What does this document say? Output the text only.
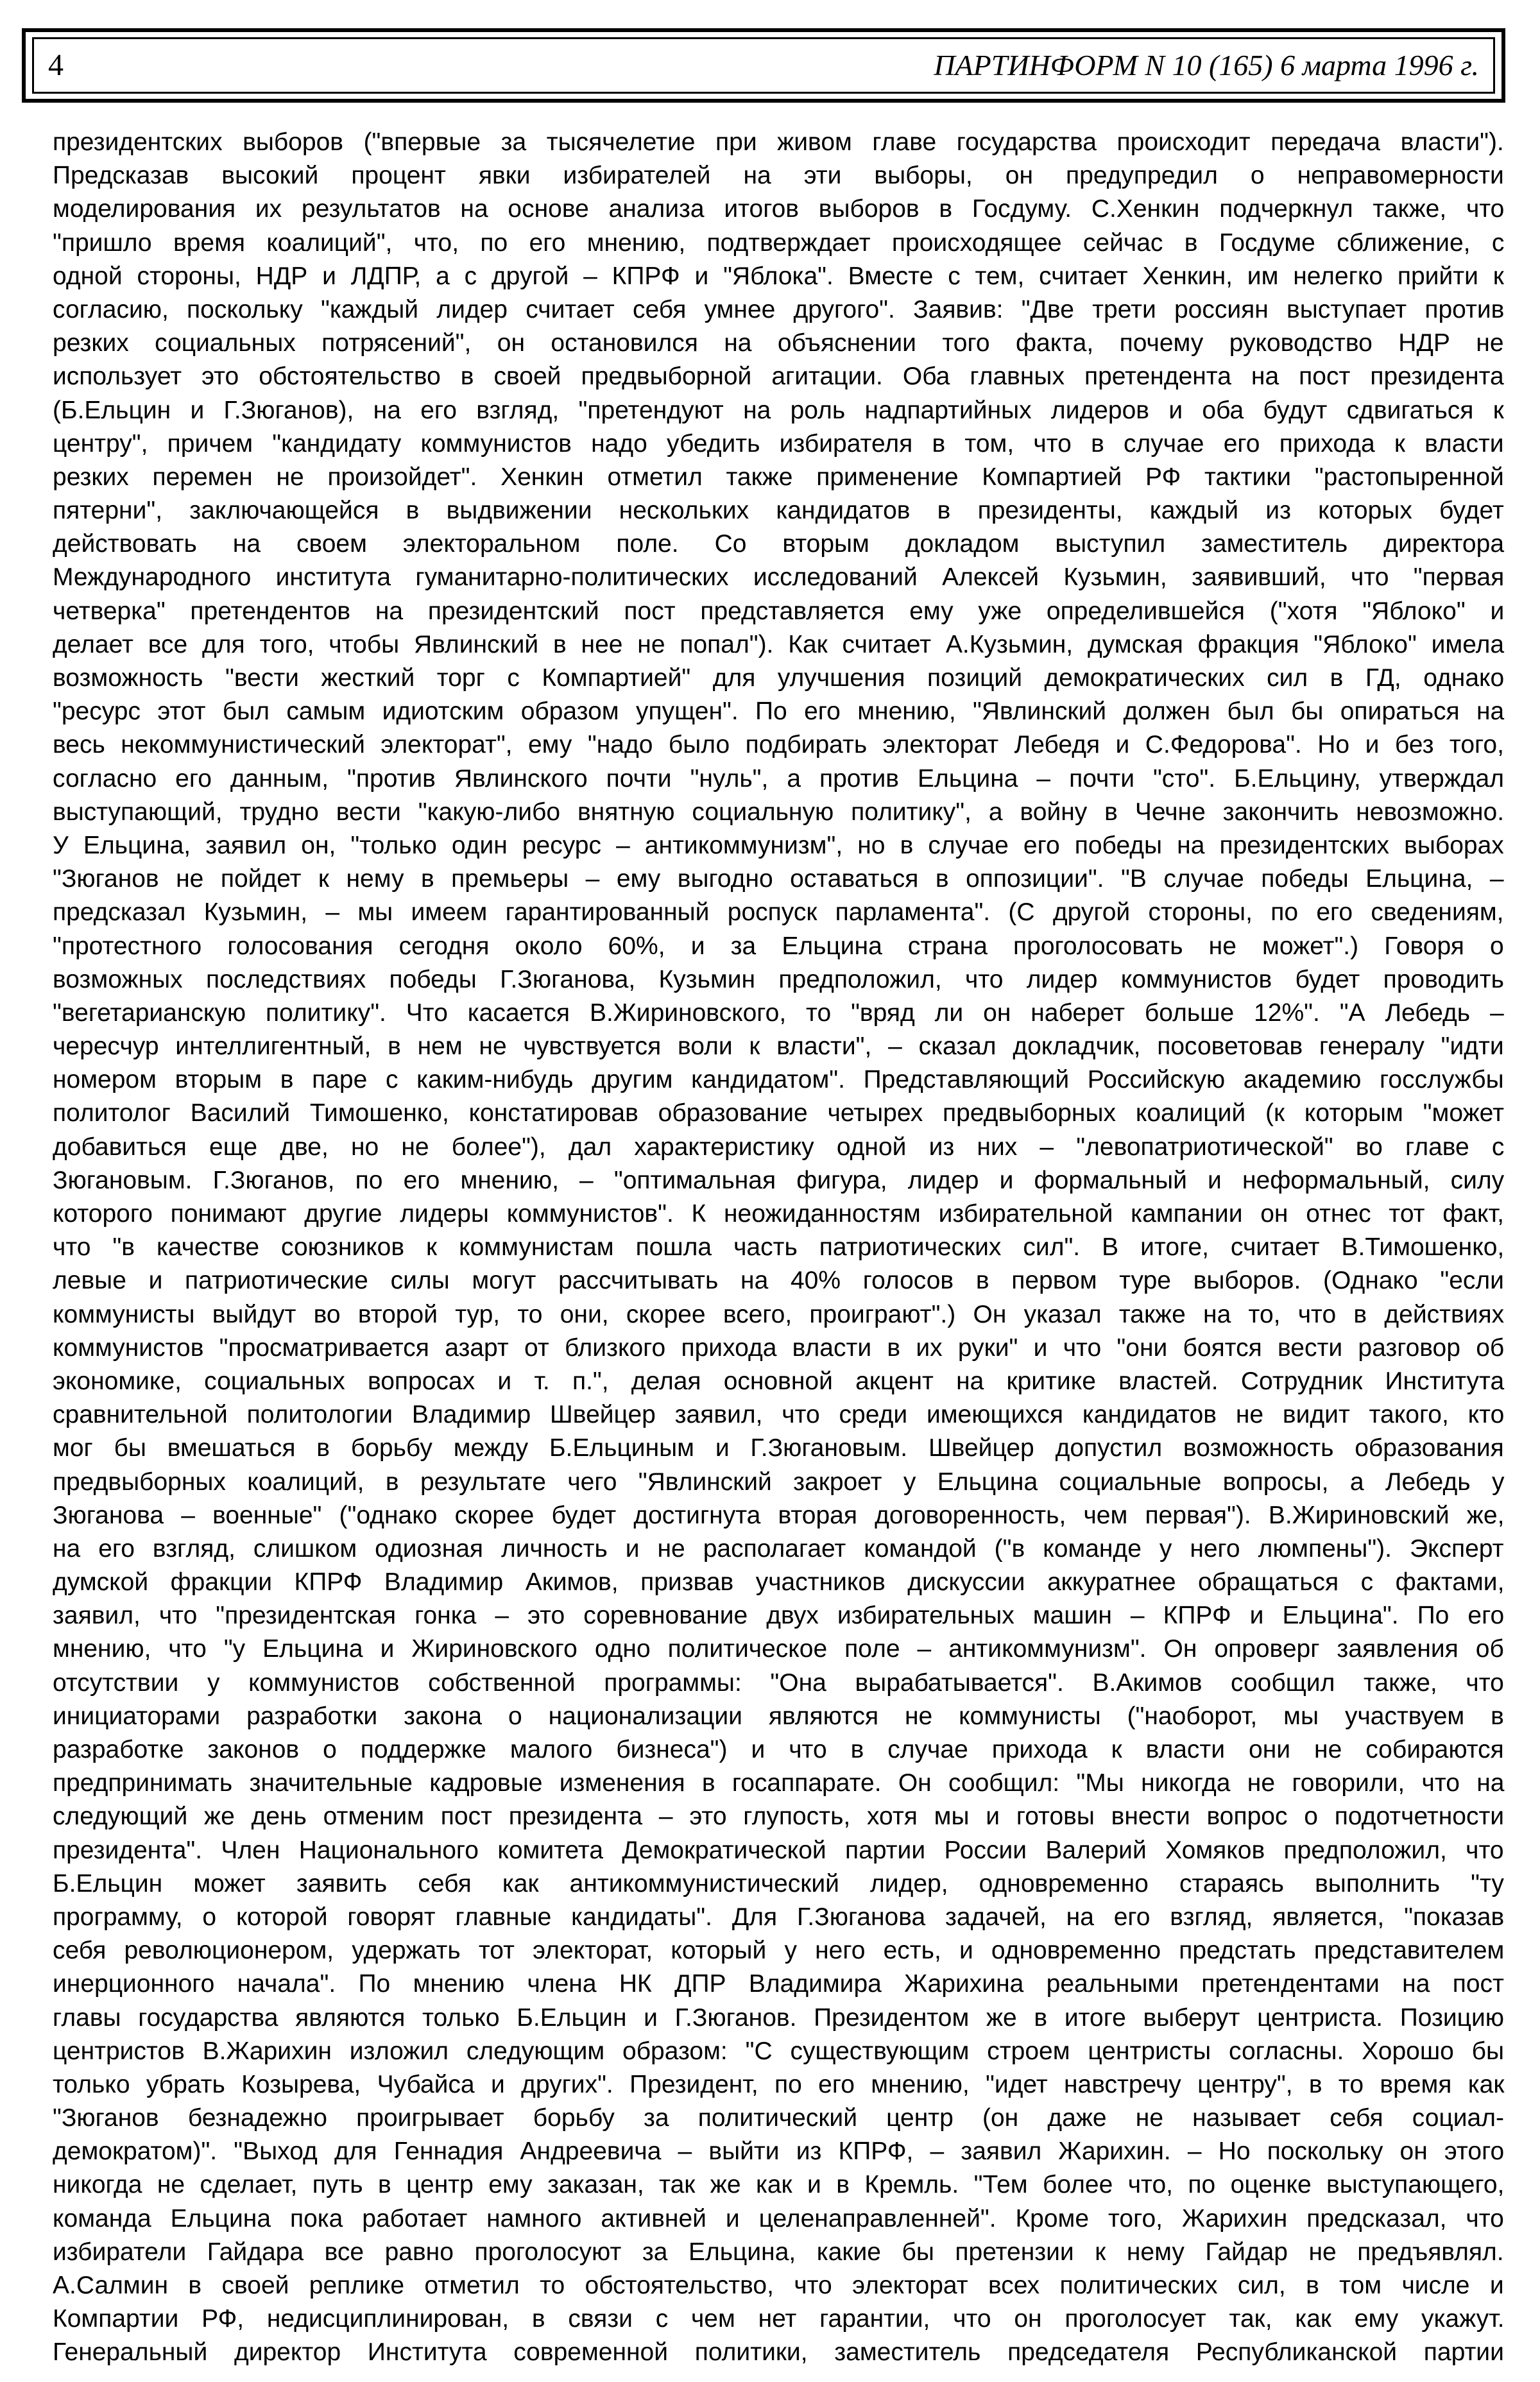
4	ПАРТИНФОРМ N 10 (165) 6 марта 1996 г.
президентских выборов ("впервые за тысячелетие при живом главе государства происходит передача власти").
Предсказав высокий процент явки избирателей на эти выборы, он предупредил о неправомерности
моделирования их результатов на основе анализа итогов выборов в Госдуму. С.Хенкин подчеркнул также, что
"пришло время коалиций", что, по его мнению, подтверждает происходящее сейчас в Госдуме сближение, с
одной стороны, НДР и ЛДПР, а с другой – КПРФ и "Яблока". Вместе с тем, считает Хенкин, им нелегко прийти к
согласию, поскольку "каждый лидер считает себя умнее другого". Заявив: "Две трети россиян выступает против
резких социальных потрясений", он остановился на объяснении того факта, почему руководство НДР не
использует это обстоятельство в своей предвыборной агитации. Оба главных претендента на пост президента
(Б.Ельцин и Г.Зюганов), на его взгляд, "претендуют на роль надпартийных лидеров и оба будут сдвигаться к
центру", причем "кандидату коммунистов надо убедить избирателя в том, что в случае его прихода к власти
резких перемен не произойдет". Хенкин отметил также применение Компартией РФ тактики "растопыренной
пятерни", заключающейся в выдвижении нескольких кандидатов в президенты, каждый из которых будет
действовать на своем электоральном поле. Со вторым докладом выступил заместитель директора
Международного института гуманитарно-политических исследований Алексей Кузьмин, заявивший, что "первая
четверка" претендентов на президентский пост представляется ему уже определившейся ("хотя "Яблоко" и
делает все для того, чтобы Явлинский в нее не попал"). Как считает А.Кузьмин, думская фракция "Яблоко" имела
возможность "вести жесткий торг с Компартией" для улучшения позиций демократических сил в ГД, однако
"ресурс этот был самым идиотским образом упущен". По его мнению, "Явлинский должен был бы опираться на
весь некоммунистический электорат", ему "надо было подбирать электорат Лебедя и С.Федорова". Но и без того,
согласно его данным, "против Явлинского почти "нуль", а против Ельцина – почти "сто". Б.Ельцину, утверждал
выступающий, трудно вести "какую-либо внятную социальную политику", а войну в Чечне закончить невозможно.
У Ельцина, заявил он, "только один ресурс – антикоммунизм", но в случае его победы на президентских выборах
"Зюганов не пойдет к нему в премьеры – ему выгодно оставаться в оппозиции". "В случае победы Ельцина, –
предсказал Кузьмин, – мы имеем гарантированный роспуск парламента". (С другой стороны, по его сведениям,
"протестного голосования сегодня около 60%, и за Ельцина страна проголосовать не может".) Говоря о
возможных последствиях победы Г.Зюганова, Кузьмин предположил, что лидер коммунистов будет проводить
"вегетарианскую политику". Что касается В.Жириновского, то "вряд ли он наберет больше 12%". "А Лебедь –
чересчур интеллигентный, в нем не чувствуется воли к власти", – сказал докладчик, посоветовав генералу "идти
номером вторым в паре с каким-нибудь другим кандидатом". Представляющий Российскую академию госслужбы
политолог Василий Тимошенко, констатировав образование четырех предвыборных коалиций (к которым "может
добавиться еще две, но не более"), дал характеристику одной из них – "левопатриотической" во главе с
Зюгановым. Г.Зюганов, по его мнению, – "оптимальная фигура, лидер и формальный и неформальный, силу
которого понимают другие лидеры коммунистов". К неожиданностям избирательной кампании он отнес тот факт,
что "в качестве союзников к коммунистам пошла часть патриотических сил". В итоге, считает В.Тимошенко,
левые и патриотические силы могут рассчитывать на 40% голосов в первом туре выборов. (Однако "если
коммунисты выйдут во второй тур, то они, скорее всего, проиграют".) Он указал также на то, что в действиях
коммунистов "просматривается азарт от близкого прихода власти в их руки" и что "они боятся вести разговор об
экономике, социальных вопросах и т. п.", делая основной акцент на критике властей. Сотрудник Института
сравнительной политологии Владимир Швейцер заявил, что среди имеющихся кандидатов не видит такого, кто
мог бы вмешаться в борьбу между Б.Ельциным и Г.Зюгановым. Швейцер допустил возможность образования
предвыборных коалиций, в результате чего "Явлинский закроет у Ельцина социальные вопросы, а Лебедь у
Зюганова – военные" ("однако скорее будет достигнута вторая договоренность, чем первая"). В.Жириновский же,
на его взгляд, слишком одиозная личность и не располагает командой ("в команде у него люмпены"). Эксперт
думской фракции КПРФ Владимир Акимов, призвав участников дискуссии аккуратнее обращаться с фактами,
заявил, что "президентская гонка – это соревнование двух избирательных машин – КПРФ и Ельцина". По его
мнению, что "у Ельцина и Жириновского одно политическое поле – антикоммунизм". Он опроверг заявления об
отсутствии у коммунистов собственной программы: "Она вырабатывается". В.Акимов сообщил также, что
инициаторами разработки закона о национализации являются не коммунисты ("наоборот, мы участвуем в
разработке законов о поддержке малого бизнеса") и что в случае прихода к власти они не собираются
предпринимать значительные кадровые изменения в госаппарате. Он сообщил: "Мы никогда не говорили, что на
следующий же день отменим пост президента – это глупость, хотя мы и готовы внести вопрос о подотчетности
президента". Член Национального комитета Демократической партии России Валерий Хомяков предположил, что
Б.Ельцин может заявить себя как антикоммунистический лидер, одновременно стараясь выполнить "ту
программу, о которой говорят главные кандидаты". Для Г.Зюганова задачей, на его взгляд, является, "показав
себя революционером, удержать тот электорат, который у него есть, и одновременно предстать представителем
инерционного начала". По мнению члена НК ДПР Владимира Жарихина реальными претендентами на пост
главы государства являются только Б.Ельцин и Г.Зюганов. Президентом же в итоге выберут центриста. Позицию
центристов В.Жарихин изложил следующим образом: "С существующим строем центристы согласны. Хорошо бы
только убрать Козырева, Чубайса и других". Президент, по его мнению, "идет навстречу центру", в то время как
"Зюганов безнадежно проигрывает борьбу за политический центр (он даже не называет себя социал-
демократом)". "Выход для Геннадия Андреевича – выйти из КПРФ, – заявил Жарихин. – Но поскольку он этого
никогда не сделает, путь в центр ему заказан, так же как и в Кремль. "Тем более что, по оценке выступающего,
команда Ельцина пока работает намного активней и целенаправленней". Кроме того, Жарихин предсказал, что
избиратели Гайдара все равно проголосуют за Ельцина, какие бы претензии к нему Гайдар не предъявлял.
А.Салмин в своей реплике отметил то обстоятельство, что электорат всех политических сил, в том числе и
Компартии РФ, недисциплинирован, в связи с чем нет гарантии, что он проголосует так, как ему укажут.
Генеральный директор Института современной политики, заместитель председателя Республиканской партии
